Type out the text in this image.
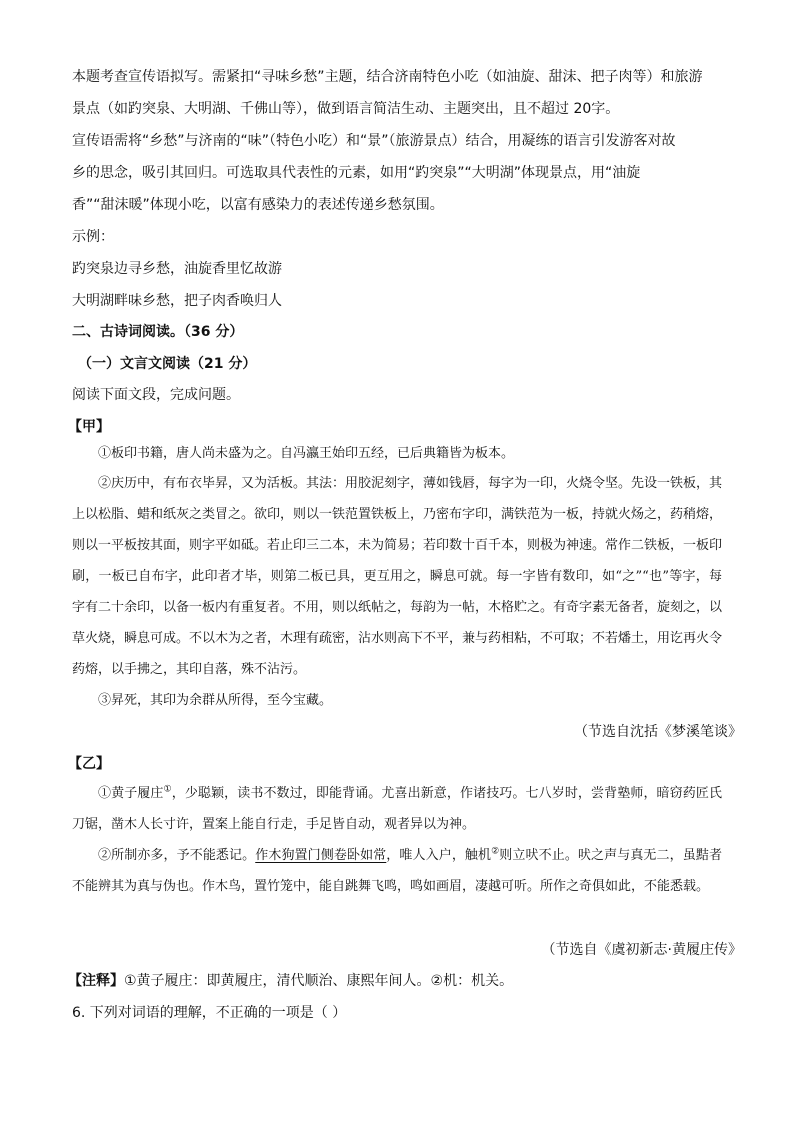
本题考查宣传语拟写。需紧扣“寻味乡愁”主题，结合济南特色小吃（如油旋、甜沫、把子肉等）和旅游
景点（如趵突泉、大明湖、千佛山等），做到语言简洁生动、主题突出，且不超过 20字。
宣传语需将“乡愁”与济南的“味”（特色小吃）和“景”（旅游景点）结合，用凝练的语言引发游客对故
乡的思念，吸引其回归。可选取具代表性的元素，如用“趵突泉”“大明湖”体现景点，用“油旋
香”“甜沫暖”体现小吃，以富有感染力的表述传递乡愁氛围。
示例：
趵突泉边寻乡愁，油旋香里忆故游
大明湖畔味乡愁，把子肉香唤归人
二、古诗词阅读。（36 分）
（一）文言文阅读（21 分）
阅读下面文段，完成问题。
【甲】
①板印书籍，唐人尚未盛为之。自冯瀛王始印五经，已后典籍皆为板本。
②庆历中，有布衣毕昇，又为活板。其法：用胶泥刻字，薄如钱唇，每字为一印，火烧令坚。先设一铁板，其上以松脂、蜡和纸灰之类冒之。欲印，则以一铁范置铁板上，乃密布字印，满铁范为一板，持就火炀之，药稍熔，则以一平板按其面，则字平如砥。若止印三二本，未为简易；若印数十百千本，则极为神速。常作二铁板，一板印刷，一板已自布字，此印者才毕，则第二板已具，更互用之，瞬息可就。每一字皆有数印，如“之”“也”等字，每字有二十余印，以备一板内有重复者。不用，则以纸帖之，每韵为一帖，木格贮之。有奇字素无备者，旋刻之，以草火烧，瞬息可成。不以木为之者，木理有疏密，沾水则高下不平，兼与药相粘，不可取；不若燔土，用讫再火令药熔，以手拂之，其印自落，殊不沾污。
③昇死，其印为余群从所得，至今宝藏。
（节选自沈括《梦溪笔谈》
【乙】
①黄子履庄①，少聪颖，读书不数过，即能背诵。尤喜出新意，作诸技巧。七八岁时，尝背塾师，暗窃药匠氏刀锯，凿木人长寸许，置案上能自行走，手足皆自动，观者异以为神。
②所制亦多，予不能悉记。作木狗置门侧卷卧如常，唯人入户，触机②则立吠不止。吠之声与真无二，虽黠者不能辨其为真与伪也。作木鸟，置竹笼中，能自跳舞飞鸣，鸣如画眉，凄越可听。所作之奇俱如此，不能悉载。
（节选自《虞初新志·黄履庄传》
【注释】①黄子履庄：即黄履庄，清代顺治、康熙年间人。②机：机关。
6. 下列对词语的理解，不正确的一项是（ ）
